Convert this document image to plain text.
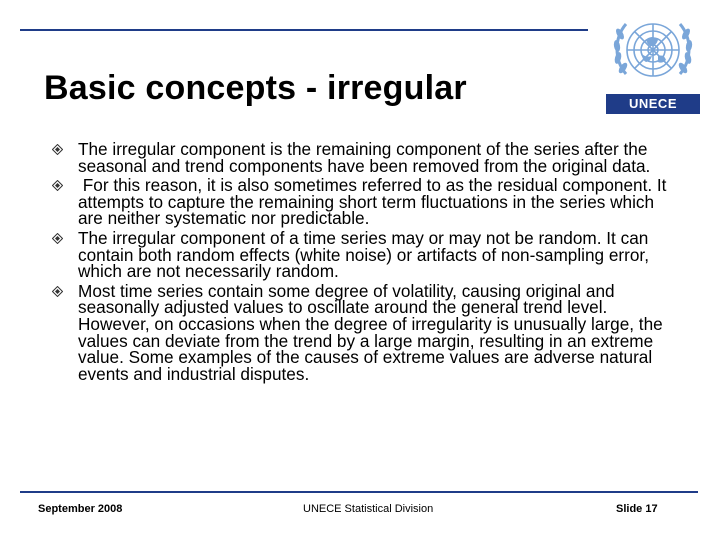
Basic concepts - irregular	UNECE
The irregular component is the remaining component of the series after the seasonal and trend components have been removed from the original data.
For this reason, it is also sometimes referred to as the residual component. It attempts to capture the remaining short term fluctuations in the series which are neither systematic nor predictable.
The irregular component of a time series may or may not be random. It can contain both random effects (white noise) or artifacts of non-sampling error, which are not necessarily random.
Most time series contain some degree of volatility, causing original and seasonally adjusted values to oscillate around the general trend level. However, on occasions when the degree of irregularity is unusually large, the values can deviate from the trend by a large margin, resulting in an extreme value. Some examples of the causes of extreme values are adverse natural events and industrial disputes.
September 2008	UNECE Statistical Division	Slide 17
